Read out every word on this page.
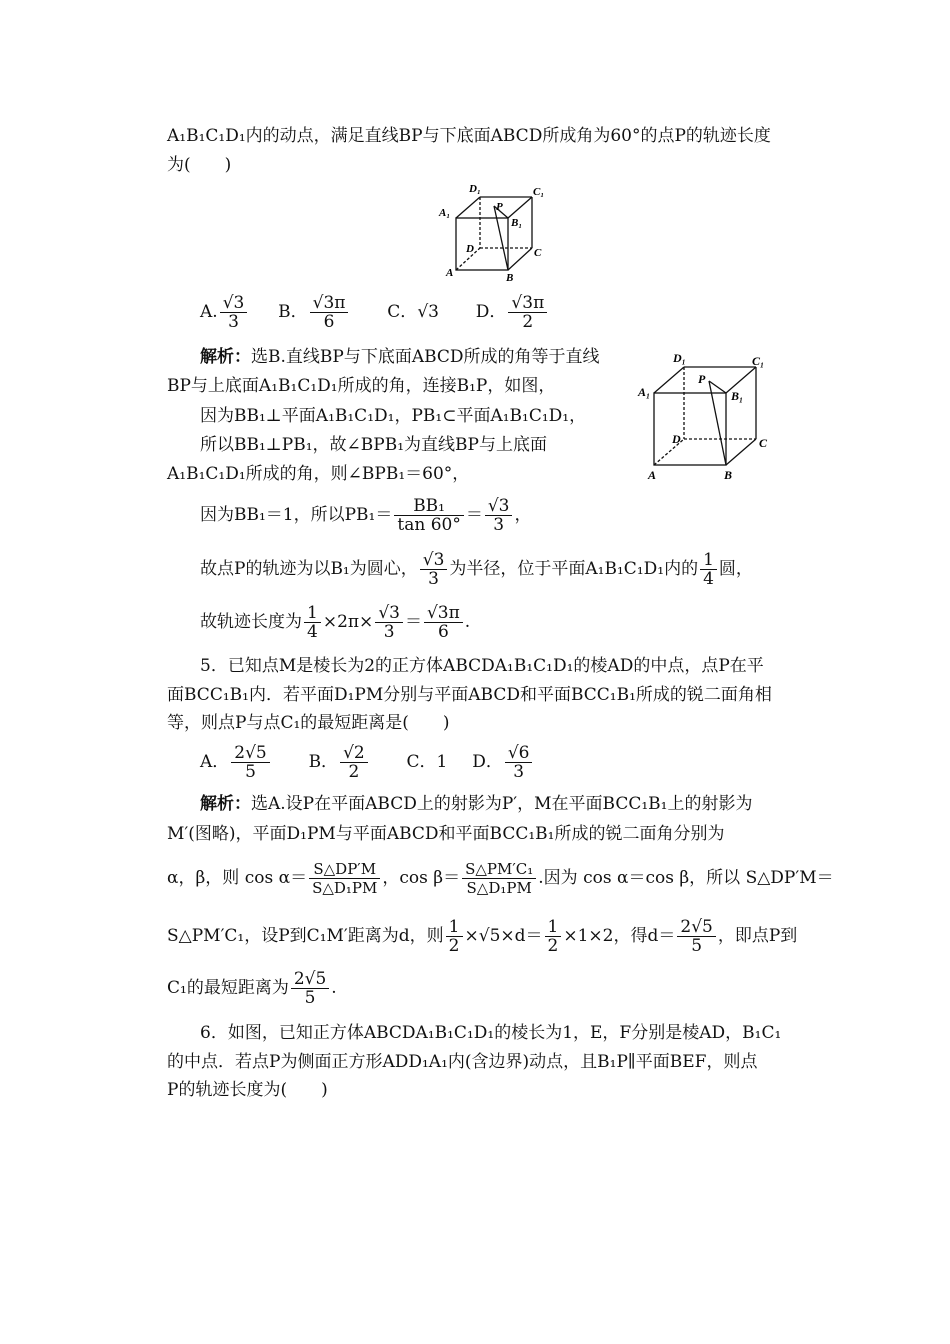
A₁B₁C₁D₁内的动点，满足直线BP与下底面ABCD所成角为60°的点P的轨迹长度
为(　　)
D₁	C₁
A₁	P
B₁
D	C
A	B
A. $\frac{√3}{3}$ B． $\frac{√3\pi}{6}$ C．√3 D． $\frac{√3\pi}{2}$
解析：选B.直线BP与下底面ABCD所成的角等于直线
BP与上底面A₁B₁C₁D₁所成的角，连接B₁P，如图，
因为BB₁⊥平面A₁B₁C₁D₁，PB₁⊂平面A₁B₁C₁D₁，
所以BB₁⊥PB₁，故∠BPB₁为直线BP与上底面
A₁B₁C₁D₁所成的角，则∠BPB₁＝60°，
D₁	C₁
A₁
P
B₁
D	C
A	B
因为BB₁＝1，所以$PB_1= \frac{\text{BB₁}}{\tan 60^\circ} = \frac{√3}{3}$ ，
故点P的轨迹为以B₁为圆心， $\frac{√3}{3}$ 为半径，位于平面A₁B₁C₁D₁内的 $\frac{1}{4}$ 圆，
故轨迹长度为 $\frac{1}{4} \times 2\pi\times \frac{√3}{3} = \frac{√3\pi}{6}$ .
5．已知点M是棱长为2的正方体ABCDA₁B₁C₁D₁的棱AD的中点，点P在平
面BCC₁B₁内．若平面D₁PM分别与平面ABCD和平面BCC₁B₁所成的锐二面角相
等，则点P与点C₁的最短距离是(　　)
A． $\frac{2√5}{5}$ B． $\frac{√2}{2}$ C．1 D． $\frac{√6}{3}$
解析：选A.设P在平面ABCD上的射影为P′，M在平面BCC₁B₁上的射影为
M′(图略)，平面D₁PM与平面ABCD和平面BCC₁B₁所成的锐二面角分别为
α，β，则 $\cos \alpha= \frac{S\triangle DP'M}{\text{S△D₁PM}}$ ，$\cos \beta= \frac{\text{S△PM′C₁}}{\text{S△D₁PM}}$ .因为 cos α＝cos β，所以 S△DP′M＝
S△PM′C₁，设P到C₁M′距离为d，则 $\frac{1}{2} \times√5\times d= \frac{1}{2} \times 1\times 2$，得$d= \frac{2√5}{5}$ ，即点P到
C₁的最短距离为 $\frac{2√5}{5}$ .
6．如图，已知正方体ABCDA₁B₁C₁D₁的棱长为1，E，F分别是棱AD，B₁C₁
的中点．若点P为侧面正方形ADD₁A₁内(含边界)动点，且B₁P∥平面BEF，则点
P的轨迹长度为(　　)
